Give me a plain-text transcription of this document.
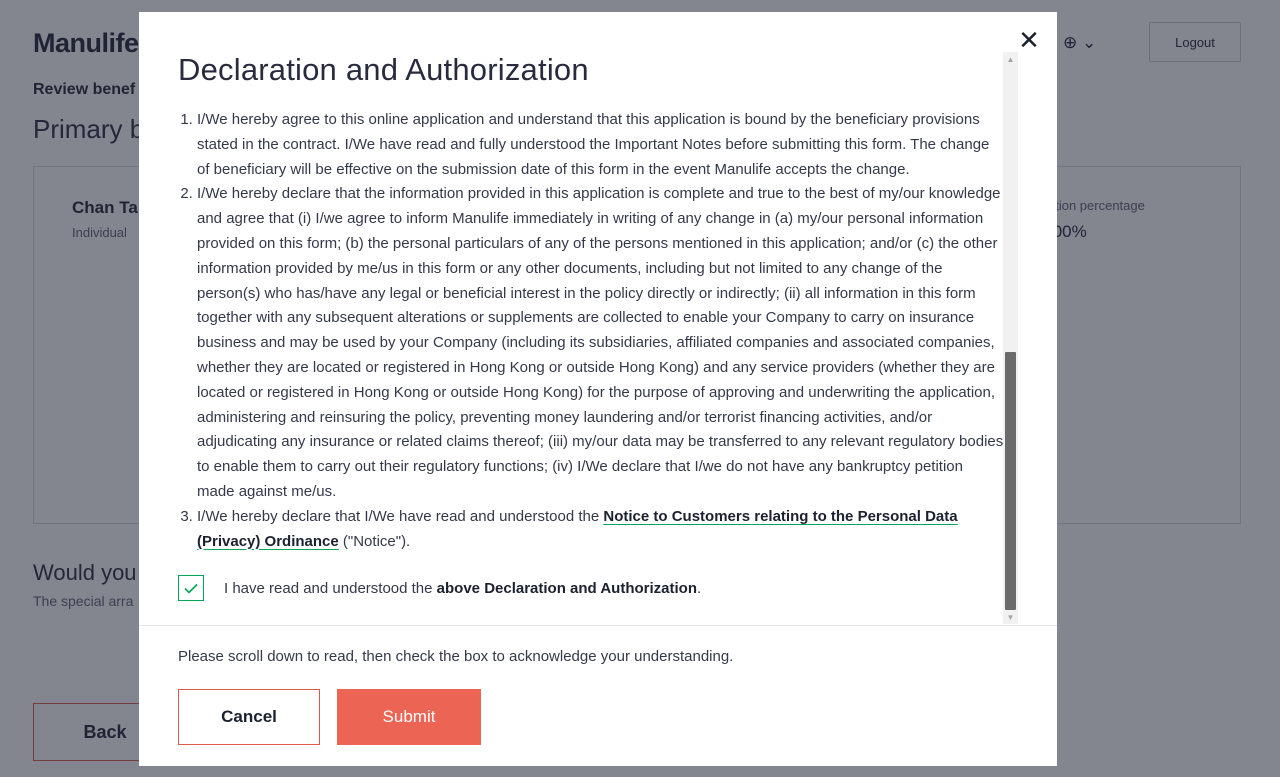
✕
Declaration and Authorization
1. I/We hereby agree to this online application and understand that this application is bound by the beneficiary provisions stated in the contract. I/We have read and fully understood the Important Notes before submitting this form. The change of beneficiary will be effective on the submission date of this form in the event Manulife accepts the change.
2. I/We hereby declare that the information provided in this application is complete and true to the best of my/our knowledge and agree that (i) I/we agree to inform Manulife immediately in writing of any change in (a) my/our personal information provided on this form; (b) the personal particulars of any of the persons mentioned in this application; and/or (c) the other information provided by me/us in this form or any other documents, including but not limited to any change of the person(s) who has/have any legal or beneficial interest in the policy directly or indirectly; (ii) all information in this form together with any subsequent alterations or supplements are collected to enable your Company to carry on insurance business and may be used by your Company (including its subsidiaries, affiliated companies and associated companies, whether they are located or registered in Hong Kong or outside Hong Kong) and any service providers (whether they are located or registered in Hong Kong or outside Hong Kong) for the purpose of approving and underwriting the application, administering and reinsuring the policy, preventing money laundering and/or terrorist financing activities, and/or adjudicating any insurance or related claims thereof; (iii) my/our data may be transferred to any relevant regulatory bodies to enable them to carry out their regulatory functions; (iv) I/We declare that I/we do not have any bankruptcy petition made against me/us.
3. I/We hereby declare that I/We have read and understood the Notice to Customers relating to the Personal Data (Privacy) Ordinance ("Notice").
I have read and understood the above Declaration and Authorization.
▲
▼
Please scroll down to read, then check the box to acknowledge your understanding.
Cancel	Submit
